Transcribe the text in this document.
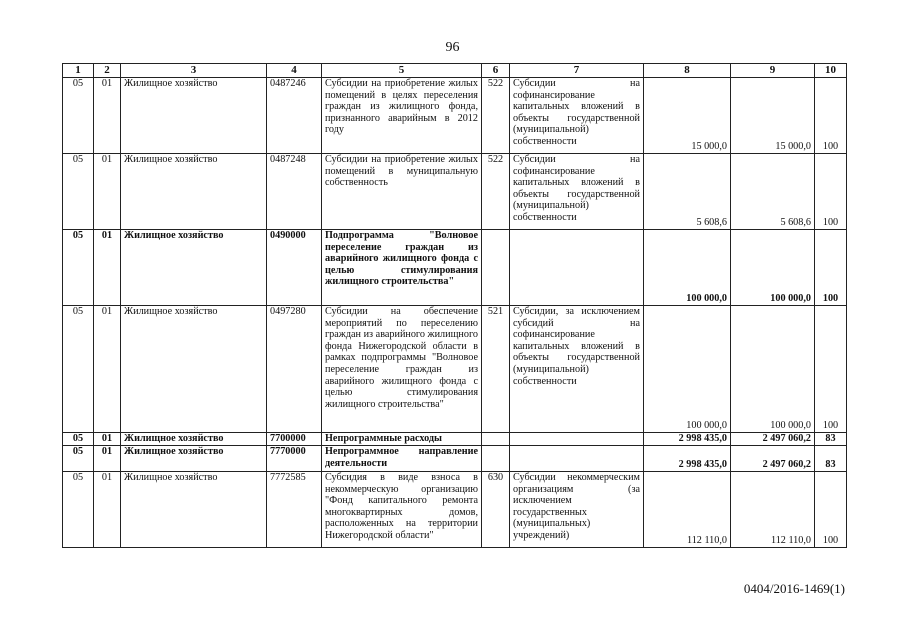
96
1	2	3	4	5	6	7	8	9	10
05	01	Жилищное хозяйство	0487246	Субсидии на приобретение жилых помещений в целях переселения граждан из жилищного фонда, признанного аварийным в 2012 году	522	Субсидии на софинансирование капитальных вложений в объекты государственной (муниципальной) собственности	15 000,0	15 000,0	100
05	01	Жилищное хозяйство	0487248	Субсидии на приобретение жилых помещений в муниципальную собственность	522	Субсидии на софинансирование капитальных вложений в объекты государственной (муниципальной) собственности	5 608,6	5 608,6	100
05	01	Жилищное хозяйство	0490000	Подпрограмма "Волновое переселение граждан из аварийного жилищного фонда с целью стимулирования жилищного строительства"			100 000,0	100 000,0	100
05	01	Жилищное хозяйство	0497280	Субсидии на обеспечение мероприятий по переселению граждан из аварийного жилищного фонда Нижегородской области в рамках подпрограммы "Волновое переселение граждан из аварийного жилищного фонда с целью стимулирования жилищного строительства"	521	Субсидии, за исключением субсидий на софинансирование капитальных вложений в объекты государственной (муниципальной) собственности	100 000,0	100 000,0	100
05	01	Жилищное хозяйство	7700000	Непрограммные расходы			2 998 435,0	2 497 060,2	83
05	01	Жилищное хозяйство	7770000	Непрограммное направление деятельности			2 998 435,0	2 497 060,2	83
05	01	Жилищное хозяйство	7772585	Субсидия в виде взноса в некоммерческую организацию "Фонд капитального ремонта многоквартирных домов, расположенных на территории Нижегородской области"	630	Субсидии некоммерческим организациям (за исключением государственных (муниципальных) учреждений)	112 110,0	112 110,0	100
0404/2016-1469(1)
